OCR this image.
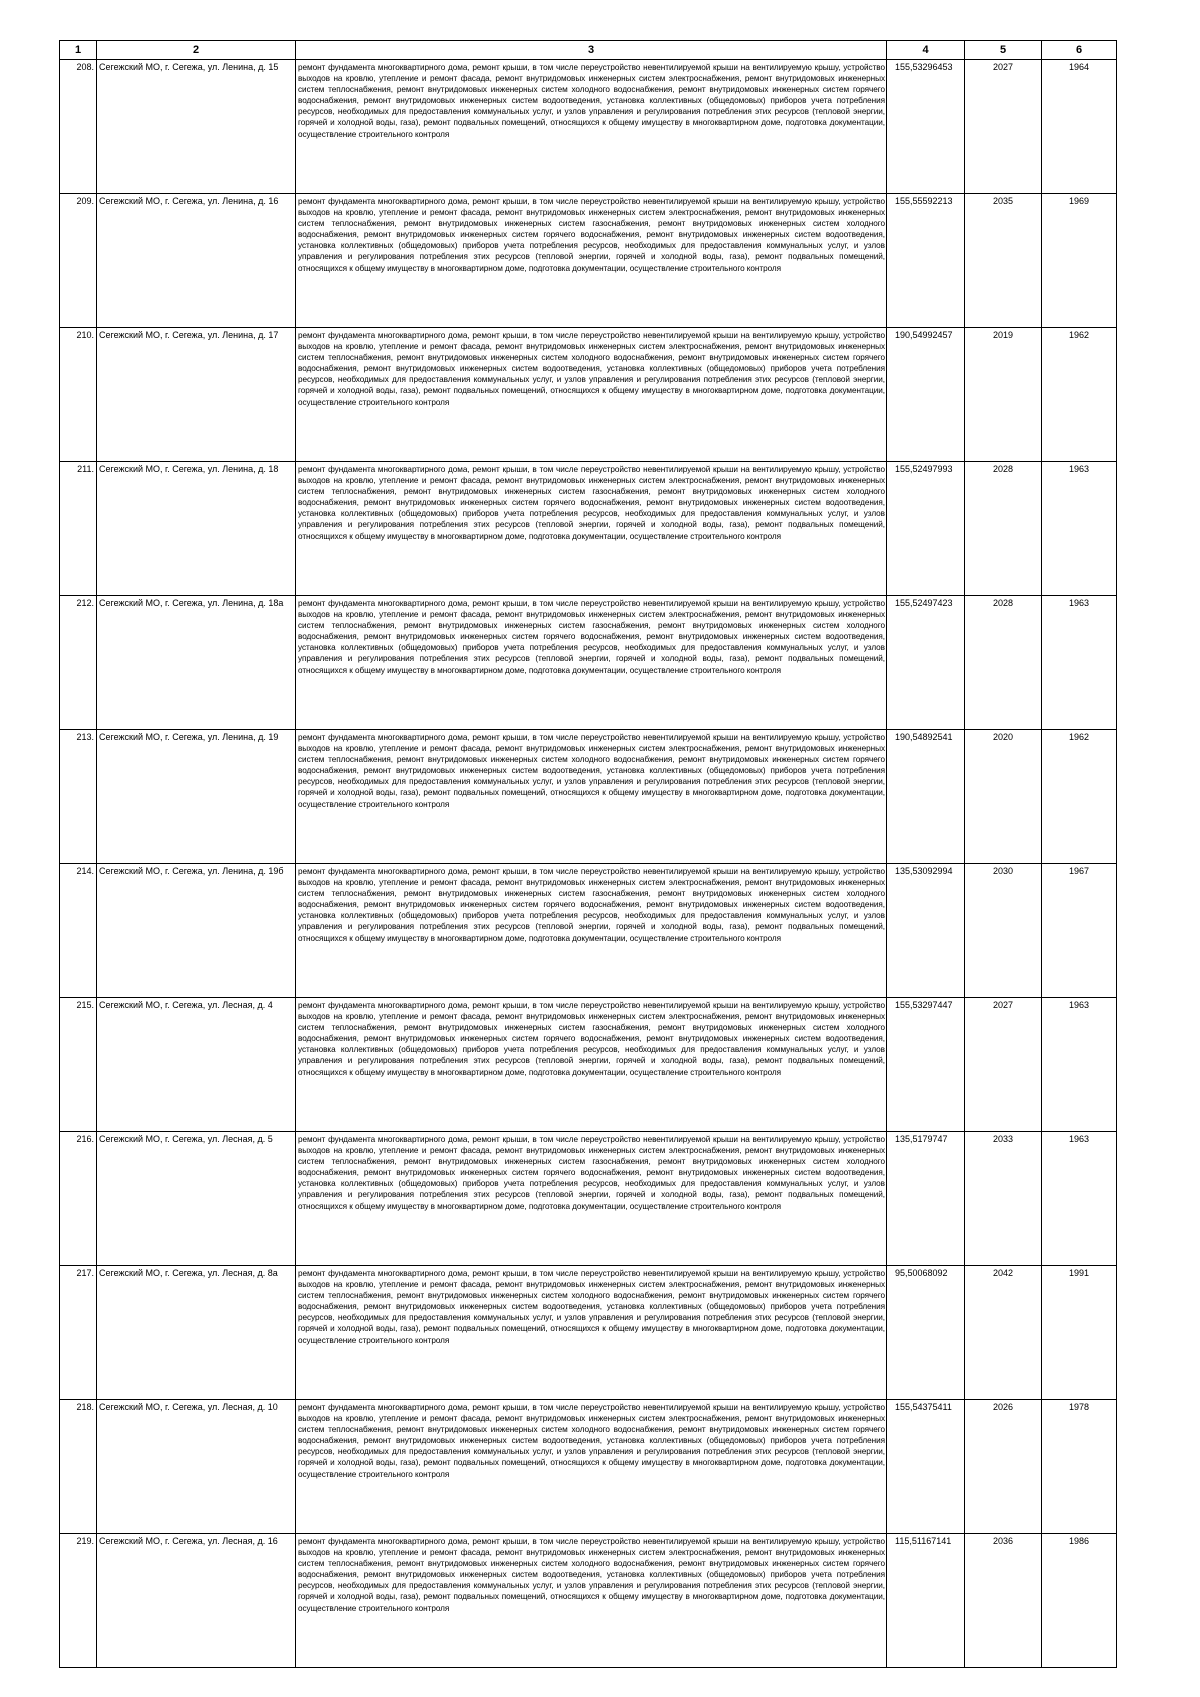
1	2	3	4	5	6
208.	Сегежский МО, г. Сегежа, ул. Ленина, д. 15	ремонт фундамента многоквартирного дома, ремонт крыши, в том числе переустройство невентилируемой крыши на вентилируемую крышу, устройство выходов на кровлю, утепление и ремонт фасада, ремонт внутридомовых инженерных систем электроснабжения, ремонт внутридомовых инженерных систем теплоснабжения, ремонт внутридомовых инженерных систем холодного водоснабжения, ремонт внутридомовых инженерных систем горячего водоснабжения, ремонт внутридомовых инженерных систем водоотведения, установка коллективных (общедомовых) приборов учета потребления ресурсов, необходимых для предоставления коммунальных услуг, и узлов управления и регулирования потребления этих ресурсов (тепловой энергии, горячей и холодной воды, газа), ремонт подвальных помещений, относящихся к общему имуществу в многоквартирном доме, подготовка документации, осуществление строительного контроля	155,53296453	2027	1964
209.	Сегежский МО, г. Сегежа, ул. Ленина, д. 16	ремонт фундамента многоквартирного дома, ремонт крыши, в том числе переустройство невентилируемой крыши на вентилируемую крышу, устройство выходов на кровлю, утепление и ремонт фасада, ремонт внутридомовых инженерных систем электроснабжения, ремонт внутридомовых инженерных систем теплоснабжения, ремонт внутридомовых инженерных систем газоснабжения, ремонт внутридомовых инженерных систем холодного водоснабжения, ремонт внутридомовых инженерных систем горячего водоснабжения, ремонт внутридомовых инженерных систем водоотведения, установка коллективных (общедомовых) приборов учета потребления ресурсов, необходимых для предоставления коммунальных услуг, и узлов управления и регулирования потребления этих ресурсов (тепловой энергии, горячей и холодной воды, газа), ремонт подвальных помещений, относящихся к общему имуществу в многоквартирном доме, подготовка документации, осуществление строительного контроля	155,55592213	2035	1969
210.	Сегежский МО, г. Сегежа, ул. Ленина, д. 17	ремонт фундамента многоквартирного дома, ремонт крыши, в том числе переустройство невентилируемой крыши на вентилируемую крышу, устройство выходов на кровлю, утепление и ремонт фасада, ремонт внутридомовых инженерных систем электроснабжения, ремонт внутридомовых инженерных систем теплоснабжения, ремонт внутридомовых инженерных систем холодного водоснабжения, ремонт внутридомовых инженерных систем горячего водоснабжения, ремонт внутридомовых инженерных систем водоотведения, установка коллективных (общедомовых) приборов учета потребления ресурсов, необходимых для предоставления коммунальных услуг, и узлов управления и регулирования потребления этих ресурсов (тепловой энергии, горячей и холодной воды, газа), ремонт подвальных помещений, относящихся к общему имуществу в многоквартирном доме, подготовка документации, осуществление строительного контроля	190,54992457	2019	1962
211.	Сегежский МО, г. Сегежа, ул. Ленина, д. 18	ремонт фундамента многоквартирного дома, ремонт крыши, в том числе переустройство невентилируемой крыши на вентилируемую крышу, устройство выходов на кровлю, утепление и ремонт фасада, ремонт внутридомовых инженерных систем электроснабжения, ремонт внутридомовых инженерных систем теплоснабжения, ремонт внутридомовых инженерных систем газоснабжения, ремонт внутридомовых инженерных систем холодного водоснабжения, ремонт внутридомовых инженерных систем горячего водоснабжения, ремонт внутридомовых инженерных систем водоотведения, установка коллективных (общедомовых) приборов учета потребления ресурсов, необходимых для предоставления коммунальных услуг, и узлов управления и регулирования потребления этих ресурсов (тепловой энергии, горячей и холодной воды, газа), ремонт подвальных помещений, относящихся к общему имуществу в многоквартирном доме, подготовка документации, осуществление строительного контроля	155,52497993	2028	1963
212.	Сегежский МО, г. Сегежа, ул. Ленина, д. 18а	ремонт фундамента многоквартирного дома, ремонт крыши, в том числе переустройство невентилируемой крыши на вентилируемую крышу, устройство выходов на кровлю, утепление и ремонт фасада, ремонт внутридомовых инженерных систем электроснабжения, ремонт внутридомовых инженерных систем теплоснабжения, ремонт внутридомовых инженерных систем газоснабжения, ремонт внутридомовых инженерных систем холодного водоснабжения, ремонт внутридомовых инженерных систем горячего водоснабжения, ремонт внутридомовых инженерных систем водоотведения, установка коллективных (общедомовых) приборов учета потребления ресурсов, необходимых для предоставления коммунальных услуг, и узлов управления и регулирования потребления этих ресурсов (тепловой энергии, горячей и холодной воды, газа), ремонт подвальных помещений, относящихся к общему имуществу в многоквартирном доме, подготовка документации, осуществление строительного контроля	155,52497423	2028	1963
213.	Сегежский МО, г. Сегежа, ул. Ленина, д. 19	ремонт фундамента многоквартирного дома, ремонт крыши, в том числе переустройство невентилируемой крыши на вентилируемую крышу, устройство выходов на кровлю, утепление и ремонт фасада, ремонт внутридомовых инженерных систем электроснабжения, ремонт внутридомовых инженерных систем теплоснабжения, ремонт внутридомовых инженерных систем холодного водоснабжения, ремонт внутридомовых инженерных систем горячего водоснабжения, ремонт внутридомовых инженерных систем водоотведения, установка коллективных (общедомовых) приборов учета потребления ресурсов, необходимых для предоставления коммунальных услуг, и узлов управления и регулирования потребления этих ресурсов (тепловой энергии, горячей и холодной воды, газа), ремонт подвальных помещений, относящихся к общему имуществу в многоквартирном доме, подготовка документации, осуществление строительного контроля	190,54892541	2020	1962
214.	Сегежский МО, г. Сегежа, ул. Ленина, д. 19б	ремонт фундамента многоквартирного дома, ремонт крыши, в том числе переустройство невентилируемой крыши на вентилируемую крышу, устройство выходов на кровлю, утепление и ремонт фасада, ремонт внутридомовых инженерных систем электроснабжения, ремонт внутридомовых инженерных систем теплоснабжения, ремонт внутридомовых инженерных систем газоснабжения, ремонт внутридомовых инженерных систем холодного водоснабжения, ремонт внутридомовых инженерных систем горячего водоснабжения, ремонт внутридомовых инженерных систем водоотведения, установка коллективных (общедомовых) приборов учета потребления ресурсов, необходимых для предоставления коммунальных услуг, и узлов управления и регулирования потребления этих ресурсов (тепловой энергии, горячей и холодной воды, газа), ремонт подвальных помещений, относящихся к общему имуществу в многоквартирном доме, подготовка документации, осуществление строительного контроля	135,53092994	2030	1967
215.	Сегежский МО, г. Сегежа, ул. Лесная, д. 4	ремонт фундамента многоквартирного дома, ремонт крыши, в том числе переустройство невентилируемой крыши на вентилируемую крышу, устройство выходов на кровлю, утепление и ремонт фасада, ремонт внутридомовых инженерных систем электроснабжения, ремонт внутридомовых инженерных систем теплоснабжения, ремонт внутридомовых инженерных систем газоснабжения, ремонт внутридомовых инженерных систем холодного водоснабжения, ремонт внутридомовых инженерных систем горячего водоснабжения, ремонт внутридомовых инженерных систем водоотведения, установка коллективных (общедомовых) приборов учета потребления ресурсов, необходимых для предоставления коммунальных услуг, и узлов управления и регулирования потребления этих ресурсов (тепловой энергии, горячей и холодной воды, газа), ремонт подвальных помещений, относящихся к общему имуществу в многоквартирном доме, подготовка документации, осуществление строительного контроля	155,53297447	2027	1963
216.	Сегежский МО, г. Сегежа, ул. Лесная, д. 5	ремонт фундамента многоквартирного дома, ремонт крыши, в том числе переустройство невентилируемой крыши на вентилируемую крышу, устройство выходов на кровлю, утепление и ремонт фасада, ремонт внутридомовых инженерных систем электроснабжения, ремонт внутридомовых инженерных систем теплоснабжения, ремонт внутридомовых инженерных систем газоснабжения, ремонт внутридомовых инженерных систем холодного водоснабжения, ремонт внутридомовых инженерных систем горячего водоснабжения, ремонт внутридомовых инженерных систем водоотведения, установка коллективных (общедомовых) приборов учета потребления ресурсов, необходимых для предоставления коммунальных услуг, и узлов управления и регулирования потребления этих ресурсов (тепловой энергии, горячей и холодной воды, газа), ремонт подвальных помещений, относящихся к общему имуществу в многоквартирном доме, подготовка документации, осуществление строительного контроля	135,5179747	2033	1963
217.	Сегежский МО, г. Сегежа, ул. Лесная, д. 8а	ремонт фундамента многоквартирного дома, ремонт крыши, в том числе переустройство невентилируемой крыши на вентилируемую крышу, устройство выходов на кровлю, утепление и ремонт фасада, ремонт внутридомовых инженерных систем электроснабжения, ремонт внутридомовых инженерных систем теплоснабжения, ремонт внутридомовых инженерных систем холодного водоснабжения, ремонт внутридомовых инженерных систем горячего водоснабжения, ремонт внутридомовых инженерных систем водоотведения, установка коллективных (общедомовых) приборов учета потребления ресурсов, необходимых для предоставления коммунальных услуг, и узлов управления и регулирования потребления этих ресурсов (тепловой энергии, горячей и холодной воды, газа), ремонт подвальных помещений, относящихся к общему имуществу в многоквартирном доме, подготовка документации, осуществление строительного контроля	95,50068092	2042	1991
218.	Сегежский МО, г. Сегежа, ул. Лесная, д. 10	ремонт фундамента многоквартирного дома, ремонт крыши, в том числе переустройство невентилируемой крыши на вентилируемую крышу, устройство выходов на кровлю, утепление и ремонт фасада, ремонт внутридомовых инженерных систем электроснабжения, ремонт внутридомовых инженерных систем теплоснабжения, ремонт внутридомовых инженерных систем холодного водоснабжения, ремонт внутридомовых инженерных систем горячего водоснабжения, ремонт внутридомовых инженерных систем водоотведения, установка коллективных (общедомовых) приборов учета потребления ресурсов, необходимых для предоставления коммунальных услуг, и узлов управления и регулирования потребления этих ресурсов (тепловой энергии, горячей и холодной воды, газа), ремонт подвальных помещений, относящихся к общему имуществу в многоквартирном доме, подготовка документации, осуществление строительного контроля	155,54375411	2026	1978
219.	Сегежский МО, г. Сегежа, ул. Лесная, д. 16	ремонт фундамента многоквартирного дома, ремонт крыши, в том числе переустройство невентилируемой крыши на вентилируемую крышу, устройство выходов на кровлю, утепление и ремонт фасада, ремонт внутридомовых инженерных систем электроснабжения, ремонт внутридомовых инженерных систем теплоснабжения, ремонт внутридомовых инженерных систем холодного водоснабжения, ремонт внутридомовых инженерных систем горячего водоснабжения, ремонт внутридомовых инженерных систем водоотведения, установка коллективных (общедомовых) приборов учета потребления ресурсов, необходимых для предоставления коммунальных услуг, и узлов управления и регулирования потребления этих ресурсов (тепловой энергии, горячей и холодной воды, газа), ремонт подвальных помещений, относящихся к общему имуществу в многоквартирном доме, подготовка документации, осуществление строительного контроля	115,51167141	2036	1986
